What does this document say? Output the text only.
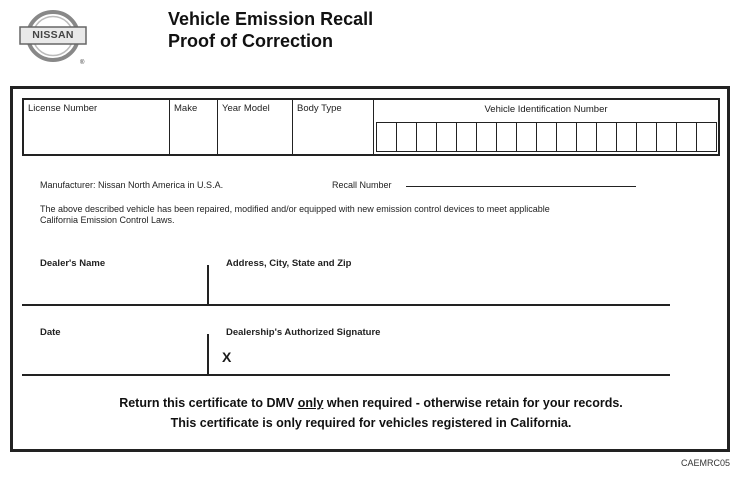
NISSAN
®
Vehicle Emission Recall
Proof of Correction
License Number	Make	Year Model	Body Type	Vehicle Identification Number
Manufacturer: Nissan North America in U.S.A.	Recall Number
The above described vehicle has been repaired, modified and/or equipped with new emission control devices to meet applicable
California Emission Control Laws.
Dealer's Name	Address, City, State and Zip
Date	Dealership's Authorized Signature
X
Return this certificate to DMV only when required - otherwise retain for your records.
This certificate is only required for vehicles registered in California.
CAEMRC05
